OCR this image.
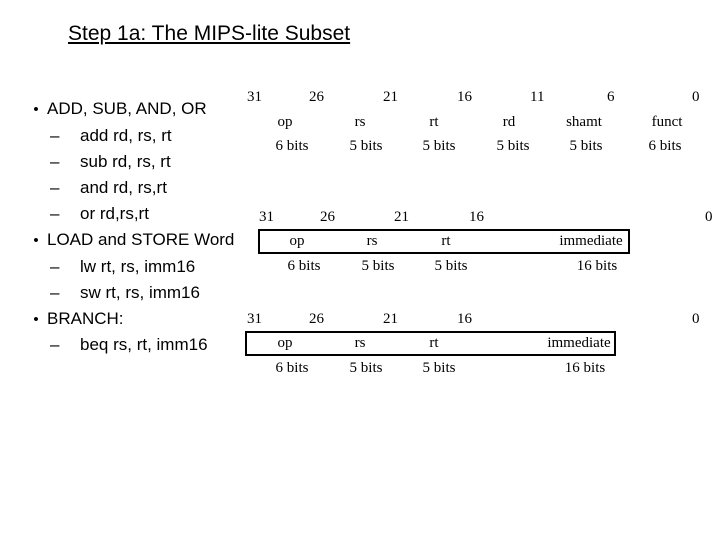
Step 1a: The MIPS-lite Subset
• ADD, SUB, AND, OR
– add rd, rs, rt
– sub rd, rs, rt
– and rd, rs,rt
– or rd,rs,rt
• LOAD and STORE Word
– lw rt, rs, imm16
– sw rt, rs, imm16
• BRANCH:
– beq rs, rt, imm16
31	26	21	16	11	6	0
op	rs	rt	rd	shamt	funct
6 bits	5 bits	5 bits	5 bits	5 bits	6 bits
31	26	21	16	0
op	rs	rt	immediate
6 bits	5 bits	5 bits	16 bits
31	26	21	16	0
op	rs	rt	immediate
6 bits	5 bits	5 bits	16 bits
